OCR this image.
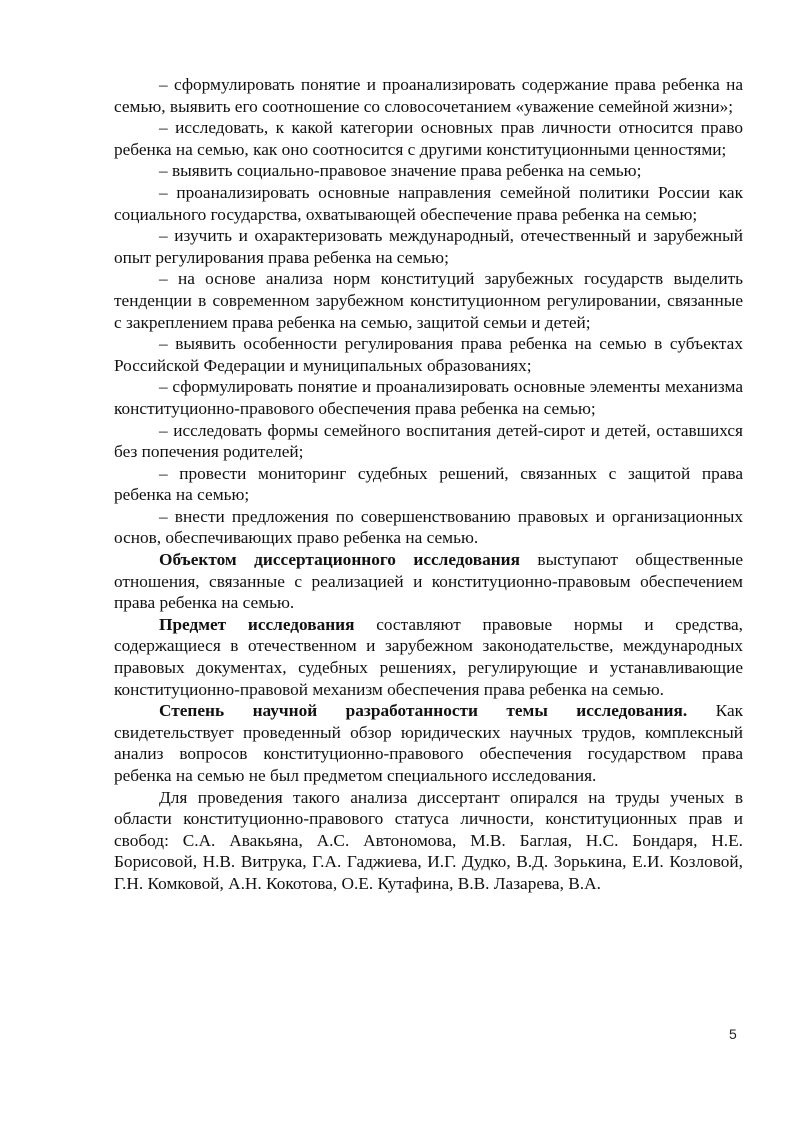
– сформулировать понятие и проанализировать содержание права ребенка на семью, выявить его соотношение со словосочетанием «уважение семейной жизни»;

– исследовать, к какой категории основных прав личности относится право ребенка на семью, как оно соотносится с другими конституционными ценностями;

– выявить социально-правовое значение права ребенка на семью;

– проанализировать основные направления семейной политики России как социального государства, охватывающей обеспечение права ребенка на семью;

– изучить и охарактеризовать международный, отечественный и зарубежный опыт регулирования права ребенка на семью;

– на основе анализа норм конституций зарубежных государств выделить тенденции в современном зарубежном конституционном регулировании, связанные с закреплением права ребенка на семью, защитой семьи и детей;

– выявить особенности регулирования права ребенка на семью в субъектах Российской Федерации и муниципальных образованиях;

– сформулировать понятие и проанализировать основные элементы механизма конституционно-правового обеспечения права ребенка на семью;

– исследовать формы семейного воспитания детей-сирот и детей, оставшихся без попечения родителей;

– провести мониторинг судебных решений, связанных с защитой права ребенка на семью;

– внести предложения по совершенствованию правовых и организационных основ, обеспечивающих право ребенка на семью.

Объектом диссертационного исследования выступают общественные отношения, связанные с реализацией и конституционно-правовым обеспечением права ребенка на семью.

Предмет исследования составляют правовые нормы и средства, содержащиеся в отечественном и зарубежном законодательстве, международных правовых документах, судебных решениях, регулирующие и устанавливающие конституционно-правовой механизм обеспечения права ребенка на семью.

Степень научной разработанности темы исследования. Как свидетельствует проведенный обзор юридических научных трудов, комплексный анализ вопросов конституционно-правового обеспечения государством права ребенка на семью не был предметом специального исследования.

Для проведения такого анализа диссертант опирался на труды ученых в области конституционно-правового статуса личности, конституционных прав и свобод: С.А. Авакьяна, А.С. Автономова, М.В. Баглая, Н.С. Бондаря, Н.Е. Борисовой, Н.В. Витрука, Г.А. Гаджиева, И.Г. Дудко, В.Д. Зорькина, Е.И. Козловой, Г.Н. Комковой, А.Н. Кокотова, О.Е. Кутафина, В.В. Лазарева, В.А.

5
